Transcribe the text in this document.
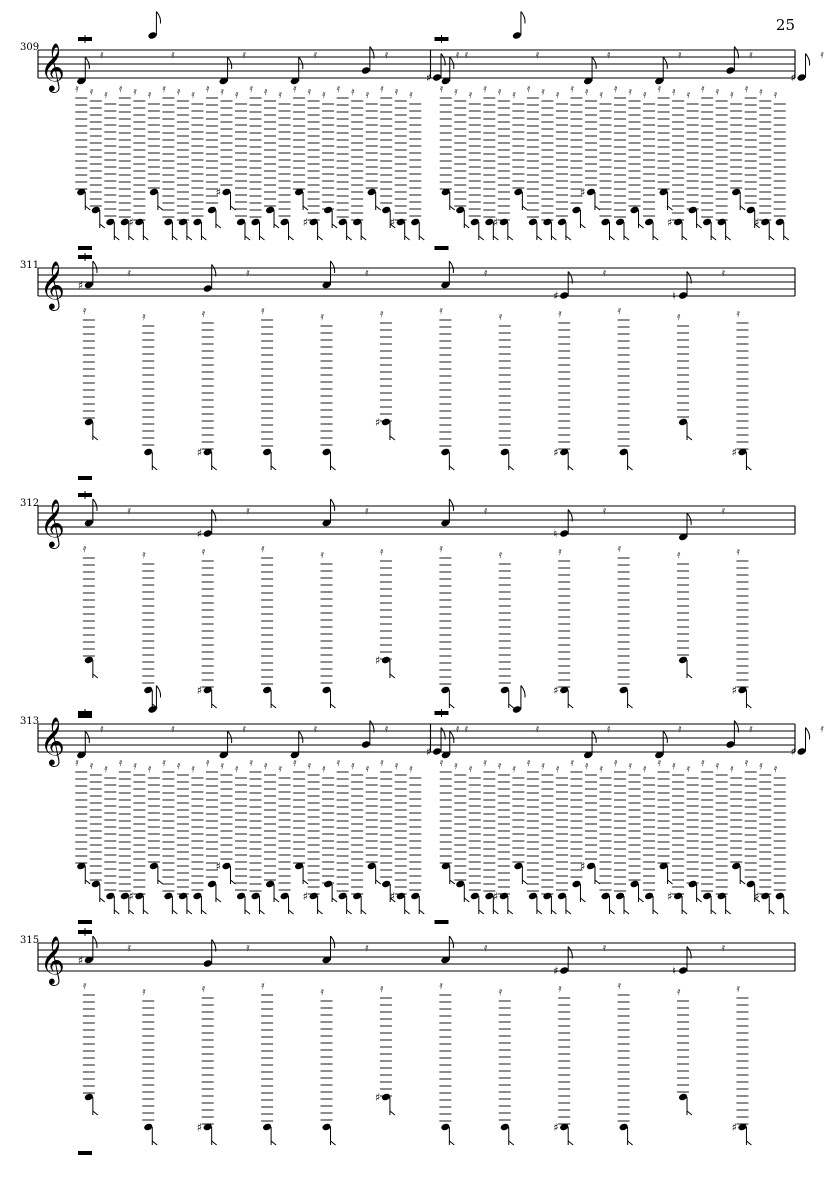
25
309
311
312
313
315
𝄞	𝄿	𝄿	𝄿	𝄿	𝄿
♯
𝄿
𝄿 𝄿 𝄿 𝄿 𝄿
♯
𝄿 𝄿 𝄿 𝄿 𝄿 𝄿
♯
𝄿 𝄿 𝄿 𝄿 𝄿 𝄿
♯
𝄿 𝄿 𝄿 𝄿 𝄿 𝄿
♯
𝄿
𝄿	𝄿	𝄿	𝄿	𝄿
♯
𝄿
𝄿 𝄿 𝄿 𝄿 𝄿
♯
𝄿 𝄿 𝄿 𝄿 𝄿 𝄿
♯
𝄿 𝄿 𝄿 𝄿 𝄿 𝄿
♯
𝄿 𝄿 𝄿 𝄿 𝄿 𝄿
♯
𝄿
𝄞 ♯
𝄿	𝄿	𝄿	𝄿
♯
𝄿
♮
𝄿
𝄿	𝄿	𝄿
♯
𝄿	𝄿	𝄿
♯
𝄿	𝄿	𝄿
♯
𝄿	𝄿	𝄿
♯
𝄞	𝄿
♯
𝄿	𝄿	𝄿
♮
𝄿	𝄿
𝄿	𝄿	𝄿
♯
𝄿	𝄿	𝄿
♯
𝄿	𝄿	𝄿
♯
𝄿	𝄿	𝄿
♯
𝄞	𝄿	𝄿	𝄿	𝄿	𝄿
♯
𝄿
𝄿 𝄿 𝄿 𝄿 𝄿
♯
𝄿 𝄿 𝄿 𝄿 𝄿 𝄿
♯
𝄿 𝄿 𝄿 𝄿 𝄿 𝄿
♯
𝄿 𝄿 𝄿 𝄿 𝄿 𝄿
♯
𝄿
𝄿	𝄿	𝄿	𝄿	𝄿
♯
𝄿
𝄿 𝄿 𝄿 𝄿 𝄿
♯
𝄿 𝄿 𝄿 𝄿 𝄿 𝄿
♯
𝄿 𝄿 𝄿 𝄿 𝄿 𝄿
♯
𝄿 𝄿 𝄿 𝄿 𝄿 𝄿
♯
𝄿
𝄞 ♯
𝄿	𝄿	𝄿	𝄿
♯
𝄿
♮
𝄿
𝄿	𝄿	𝄿
♯
𝄿	𝄿	𝄿
♯
𝄿	𝄿	𝄿
♯
𝄿	𝄿	𝄿
♯
